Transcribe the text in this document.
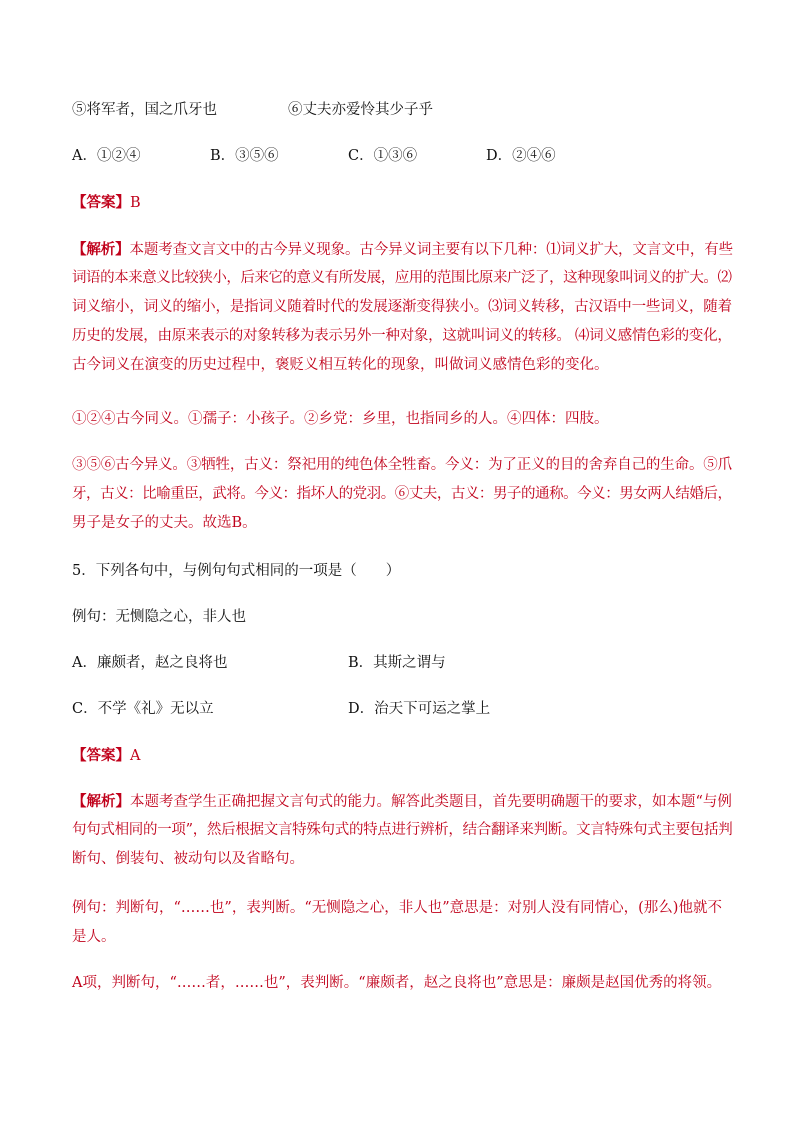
⑤将军者，国之爪牙也	⑥丈夫亦爱怜其少子乎
A．①②④	B．③⑤⑥	C．①③⑥	D．②④⑥
【答案】B
【解析】本题考查文言文中的古今异义现象。古今异义词主要有以下几种：⑴词义扩大，文言文中，有些
词语的本来意义比较狭小，后来它的意义有所发展，应用的范围比原来广泛了，这种现象叫词义的扩大。⑵
词义缩小，词义的缩小，是指词义随着时代的发展逐渐变得狭小。⑶词义转移，古汉语中一些词义，随着
历史的发展，由原来表示的对象转移为表示另外一种对象，这就叫词义的转移。 ⑷词义感情色彩的变化，
古今词义在演变的历史过程中，褒贬义相互转化的现象，叫做词义感情色彩的变化。
①②④古今同义。①孺子：小孩子。②乡党：乡里，也指同乡的人。④四体：四肢。
③⑤⑥古今异义。③牺牲，古义：祭祀用的纯色体全牲畜。今义：为了正义的目的舍弃自己的生命。⑤爪
牙，古义：比喻重臣，武将。今义：指坏人的党羽。⑥丈夫，古义：男子的通称。今义：男女两人结婚后，
男子是女子的丈夫。故选B。
5．下列各句中，与例句句式相同的一项是（　　）
例句：无恻隐之心，非人也
A．廉颇者，赵之良将也	B．其斯之谓与
C．不学《礼》无以立	D．治天下可运之掌上
【答案】A
【解析】本题考查学生正确把握文言句式的能力。解答此类题目，首先要明确题干的要求，如本题“与例
句句式相同的一项”，然后根据文言特殊句式的特点进行辨析，结合翻译来判断。文言特殊句式主要包括判
断句、倒装句、被动句以及省略句。
例句：判断句，“……也”，表判断。“无恻隐之心，非人也”意思是：对别人没有同情心，(那么)他就不
是人。
A项，判断句，“……者，……也”，表判断。“廉颇者，赵之良将也”意思是：廉颇是赵国优秀的将领。
